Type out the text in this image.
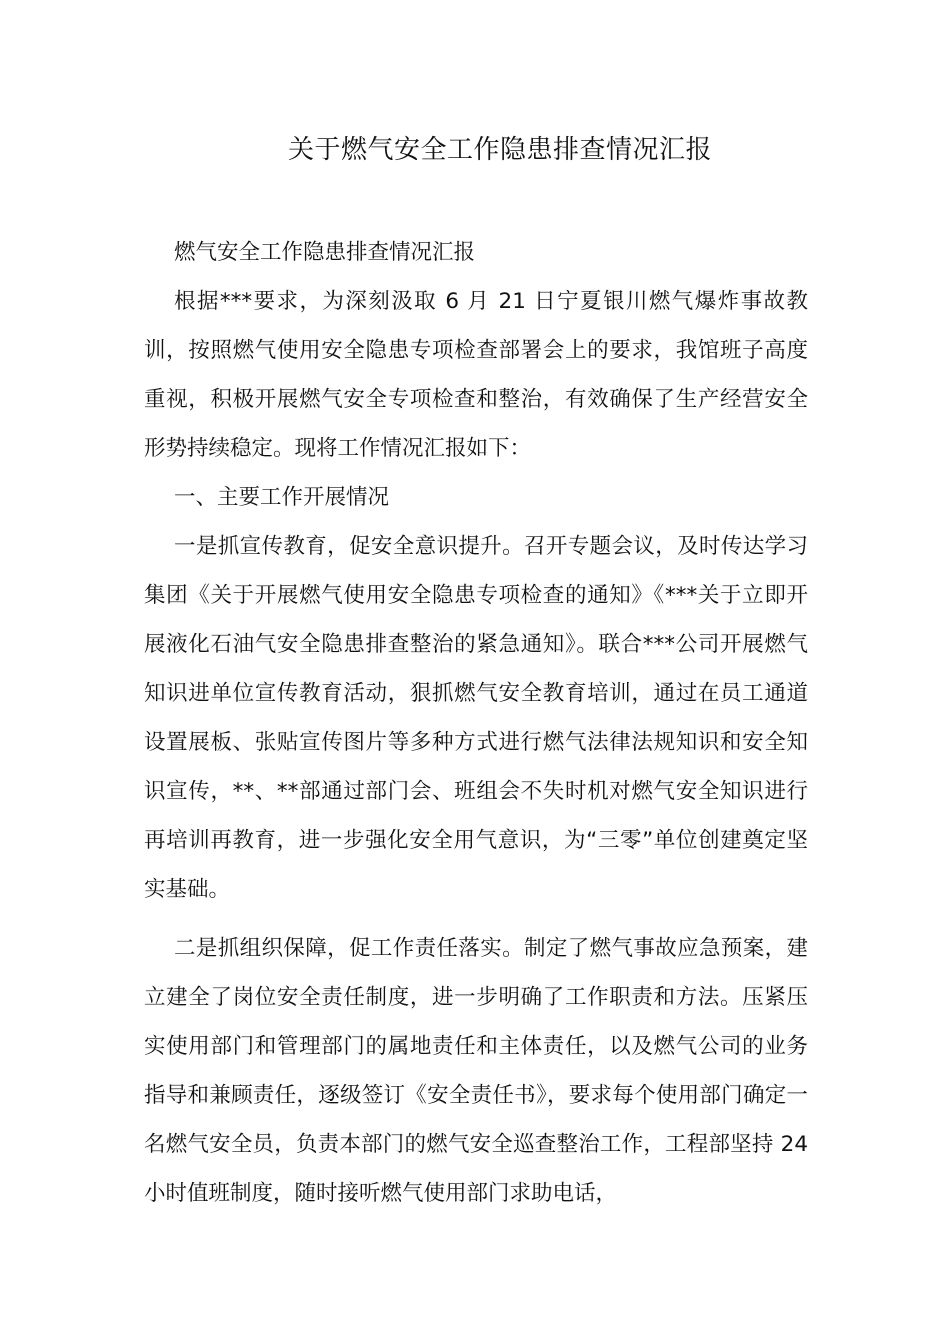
关于燃气安全工作隐患排查情况汇报

燃气安全工作隐患排查情况汇报

根据***要求，为深刻汲取 6 月 21 日宁夏银川燃气爆炸事故教训，按照燃气使用安全隐患专项检查部署会上的要求，我馆班子高度重视，积极开展燃气安全专项检查和整治，有效确保了生产经营安全形势持续稳定。现将工作情况汇报如下：

一、主要工作开展情况

一是抓宣传教育，促安全意识提升。召开专题会议，及时传达学习集团《关于开展燃气使用安全隐患专项检查的通知》《***关于立即开展液化石油气安全隐患排查整治的紧急通知》。联合***公司开展燃气知识进单位宣传教育活动，狠抓燃气安全教育培训，通过在员工通道设置展板、张贴宣传图片等多种方式进行燃气法律法规知识和安全知识宣传，**、**部通过部门会、班组会不失时机对燃气安全知识进行再培训再教育，进一步强化安全用气意识，为“三零”单位创建奠定坚实基础。

二是抓组织保障，促工作责任落实。制定了燃气事故应急预案，建立建全了岗位安全责任制度，进一步明确了工作职责和方法。压紧压实使用部门和管理部门的属地责任和主体责任，以及燃气公司的业务指导和兼顾责任，逐级签订《安全责任书》，要求每个使用部门确定一名燃气安全员，负责本部门的燃气安全巡查整治工作，工程部坚持 24 小时值班制度，随时接听燃气使用部门求助电话，
